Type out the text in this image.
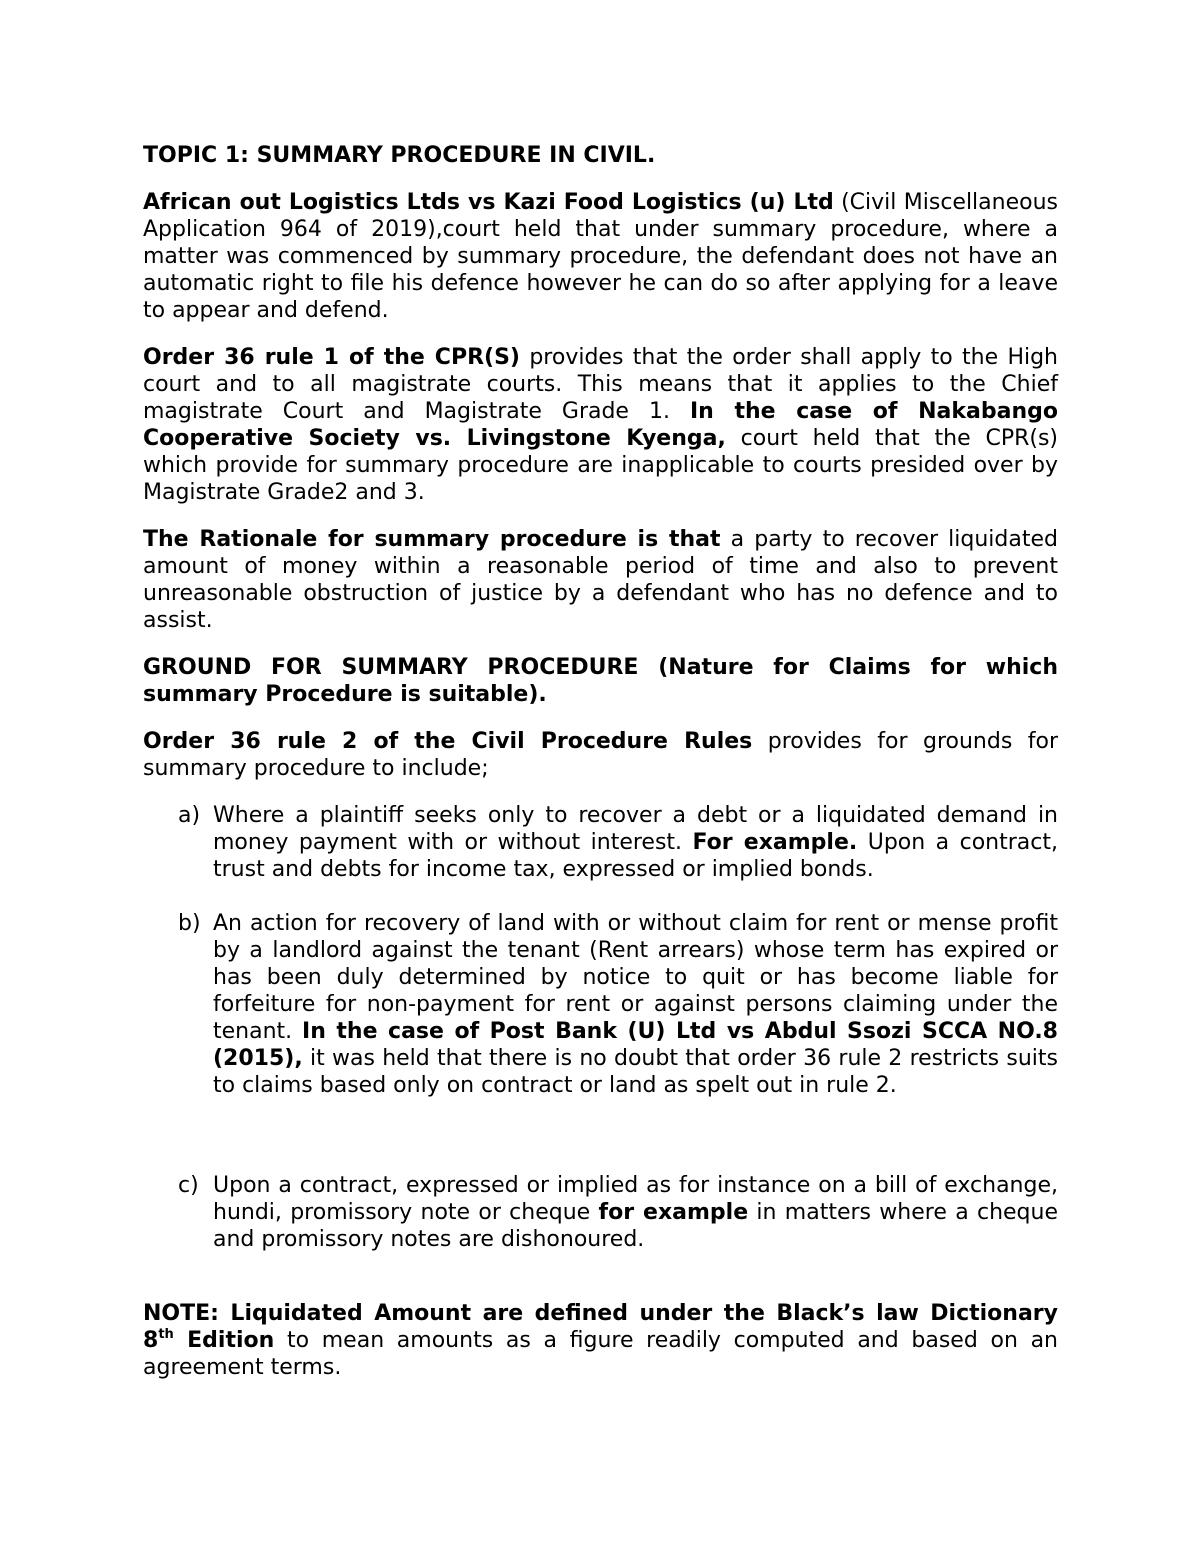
TOPIC 1: SUMMARY PROCEDURE IN CIVIL.

African out Logistics Ltds vs Kazi Food Logistics (u) Ltd (Civil Miscellaneous Application 964 of 2019),court held that under summary procedure, where a matter was commenced by summary procedure, the defendant does not have an automatic right to file his defence however he can do so after applying for a leave to appear and defend.

Order 36 rule 1 of the CPR(S) provides that the order shall apply to the High court and to all magistrate courts. This means that it applies to the Chief magistrate Court and Magistrate Grade 1. In the case of Nakabango Cooperative Society vs. Livingstone Kyenga, court held that the CPR(s) which provide for summary procedure are inapplicable to courts presided over by Magistrate Grade2 and 3.

The Rationale for summary procedure is that a party to recover liquidated amount of money within a reasonable period of time and also to prevent unreasonable obstruction of justice by a defendant who has no defence and to assist.

GROUND FOR SUMMARY PROCEDURE (Nature for Claims for which summary Procedure is suitable).

Order 36 rule 2 of the Civil Procedure Rules provides for grounds for summary procedure to include;

a) Where a plaintiff seeks only to recover a debt or a liquidated demand in money payment with or without interest. For example. Upon a contract, trust and debts for income tax, expressed or implied bonds.
b) An action for recovery of land with or without claim for rent or mense profit by a landlord against the tenant (Rent arrears) whose term has expired or has been duly determined by notice to quit or has become liable for forfeiture for non-payment for rent or against persons claiming under the tenant. In the case of Post Bank (U) Ltd vs Abdul Ssozi SCCA NO.8 (2015), it was held that there is no doubt that order 36 rule 2 restricts suits to claims based only on contract or land as spelt out in rule 2.
c) Upon a contract, expressed or implied as for instance on a bill of exchange, hundi, promissory note or cheque for example in matters where a cheque and promissory notes are dishonoured.

NOTE: Liquidated Amount are defined under the Black’s law Dictionary 8th Edition to mean amounts as a figure readily computed and based on an agreement terms.
